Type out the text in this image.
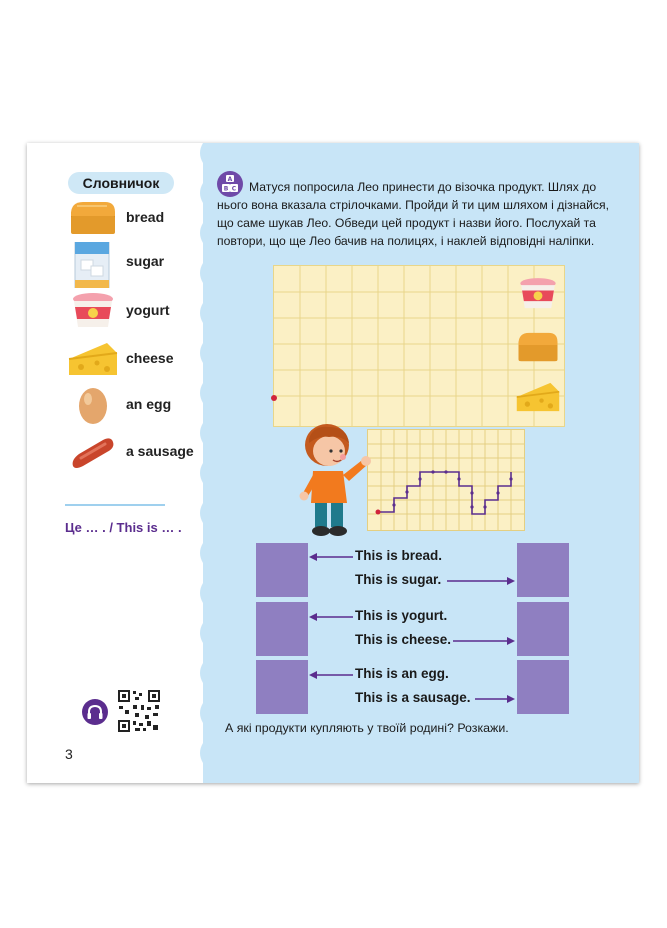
Словничок
bread
sugar
yogurt
cheese
an egg
a sausage
Це … . / This is … .
3
A
B C	Матуся попросила Лео принести до візочка продукт. Шлях до нього вона вказала стрілочками. Пройди й ти цим шляхом і дізнайся, що саме шукав Лео. Обведи цей продукт і назви його. Послухай та повтори, що ще Лео бачив на полицях, і наклей відповідні наліпки.
This is bread.
This is sugar.
This is yogurt.
This is cheese.
This is an egg.
This is a sausage.
А які продукти купляють у твоїй родині? Розкажи.
